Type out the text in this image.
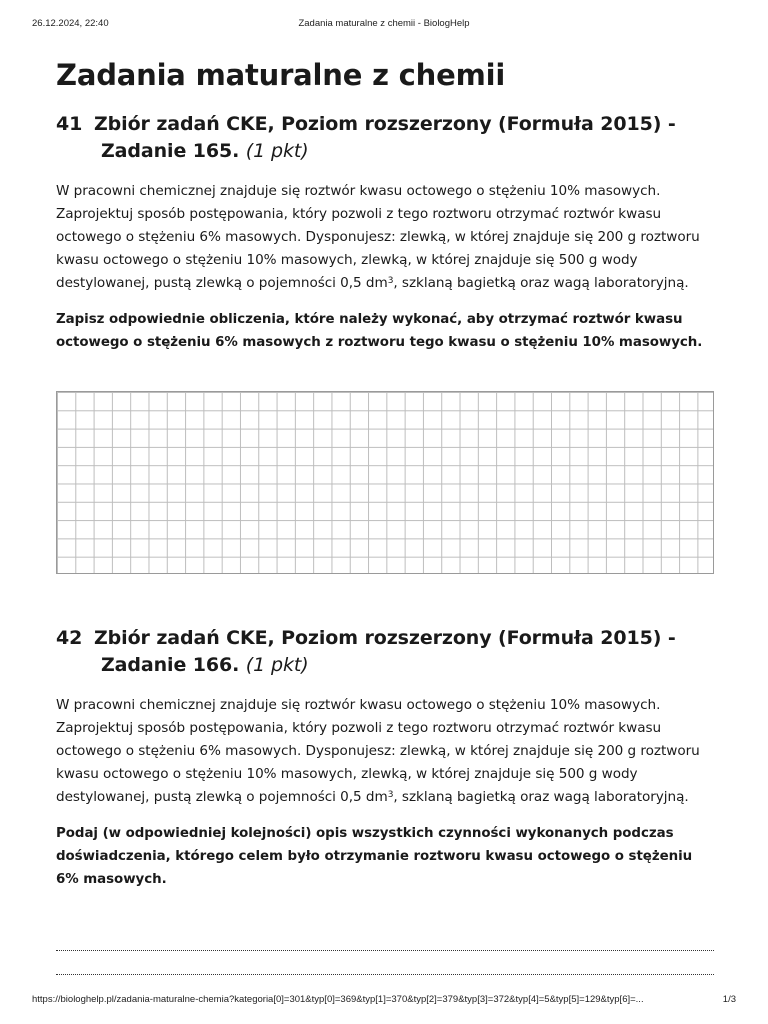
26.12.2024, 22:40	Zadania maturalne z chemii - BiologHelp
Zadania maturalne z chemii
41 Zbiór zadań CKE, Poziom rozszerzony (Formuła 2015) - Zadanie 165. (1 pkt)

W pracowni chemicznej znajduje się roztwór kwasu octowego o stężeniu 10% masowych. Zaprojektuj sposób postępowania, który pozwoli z tego roztworu otrzymać roztwór kwasu octowego o stężeniu 6% masowych. Dysponujesz: zlewką, w której znajduje się 200 g roztworu kwasu octowego o stężeniu 10% masowych, zlewką, w której znajduje się 500 g wody destylowanej, pustą zlewką o pojemności 0,5 $dm^3$, szklaną bagietką oraz wagą laboratoryjną.

Zapisz odpowiednie obliczenia, które należy wykonać, aby otrzymać roztwór kwasu octowego o stężeniu 6% masowych z roztworu tego kwasu o stężeniu 10% masowych.

42 Zbiór zadań CKE, Poziom rozszerzony (Formuła 2015) - Zadanie 166. (1 pkt)

W pracowni chemicznej znajduje się roztwór kwasu octowego o stężeniu 10% masowych. Zaprojektuj sposób postępowania, który pozwoli z tego roztworu otrzymać roztwór kwasu octowego o stężeniu 6% masowych. Dysponujesz: zlewką, w której znajduje się 200 g roztworu kwasu octowego o stężeniu 10% masowych, zlewką, w której znajduje się 500 g wody destylowanej, pustą zlewką o pojemności 0,5 $dm^3$, szklaną bagietką oraz wagą laboratoryjną.

Podaj (w odpowiedniej kolejności) opis wszystkich czynności wykonanych podczas doświadczenia, którego celem było otrzymanie roztworu kwasu octowego o stężeniu 6% masowych.

https://biologhelp.pl/zadania-maturalne-chemia?kategoria[0]=301&typ[0]=369&typ[1]=370&typ[2]=379&typ[3]=372&typ[4]=5&typ[5]=129&typ[6]=...	1/3
